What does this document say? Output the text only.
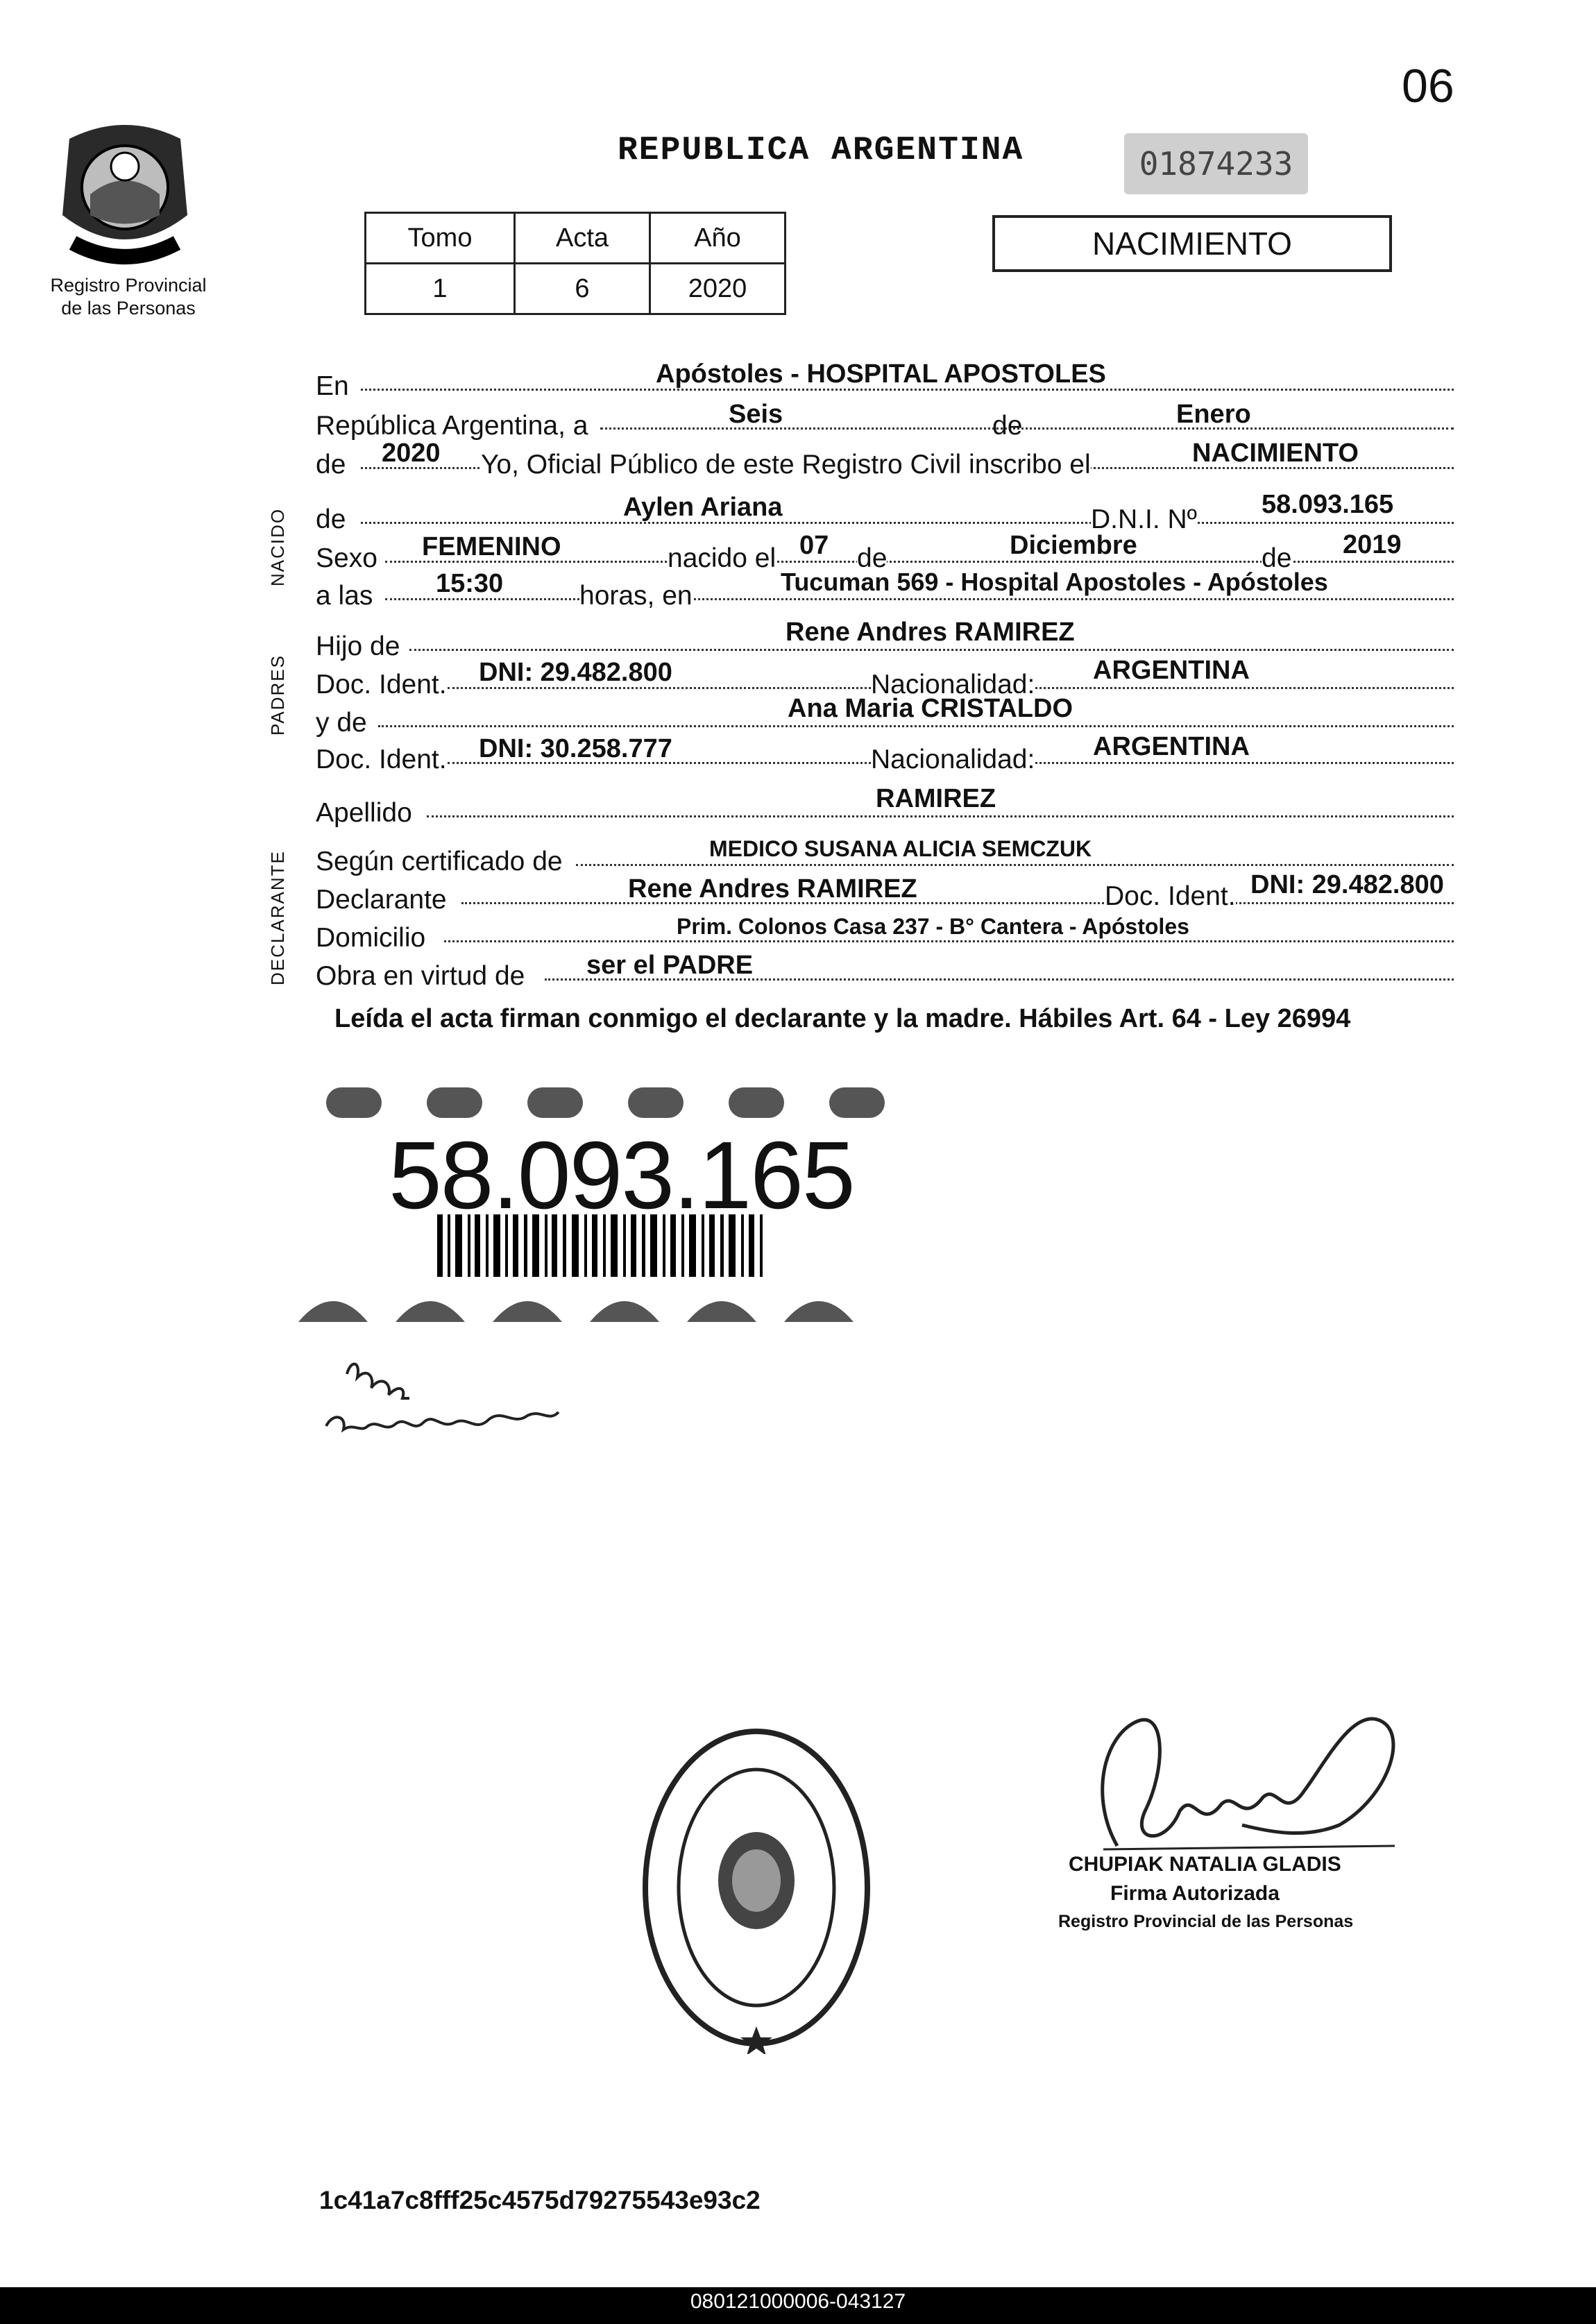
06
Registro Provincial
de las Personas
REPUBLICA ARGENTINA	01874233
Tomo	Acta	Año
1	6	2020
NACIMIENTO
NACIDO
PADRES
DECLARANTE
En	Apóstoles - HOSPITAL APOSTOLES
República Argentina, a	Seis	de	Enero
de 2020 Yo, Oficial Público de este Registro Civil inscribo el	NACIMIENTO
de	Aylen Ariana	D.N.I. Nº 58.093.165
Sexo FEMENINO	nacido el 07 de	Diciembre	de 2019
a las 15:30	horas, en	Tucuman 569 - Hospital Apostoles - Apóstoles
Hijo de	Rene Andres RAMIREZ
Doc. Ident. DNI: 29.482.800	Nacionalidad: ARGENTINA
y de	Ana Maria CRISTALDO
Doc. Ident. DNI: 30.258.777	Nacionalidad: ARGENTINA
Apellido	RAMIREZ
Según certificado de	MEDICO SUSANA ALICIA SEMCZUK
Declarante	Rene Andres RAMIREZ	Doc. Ident. DNI: 29.482.800
Domicilio	Prim. Colonos Casa 237 - B° Cantera - Apóstoles
Obra en virtud de ser el PADRE
Leída el acta firman conmigo el declarante y la madre. Hábiles Art. 64 - Ley 26994
58.093.165
CHUPIAK NATALIA GLADIS
Firma Autorizada
Registro Provincial de las Personas
1c41a7c8fff25c4575d79275543e93c2
080121000006-043127
